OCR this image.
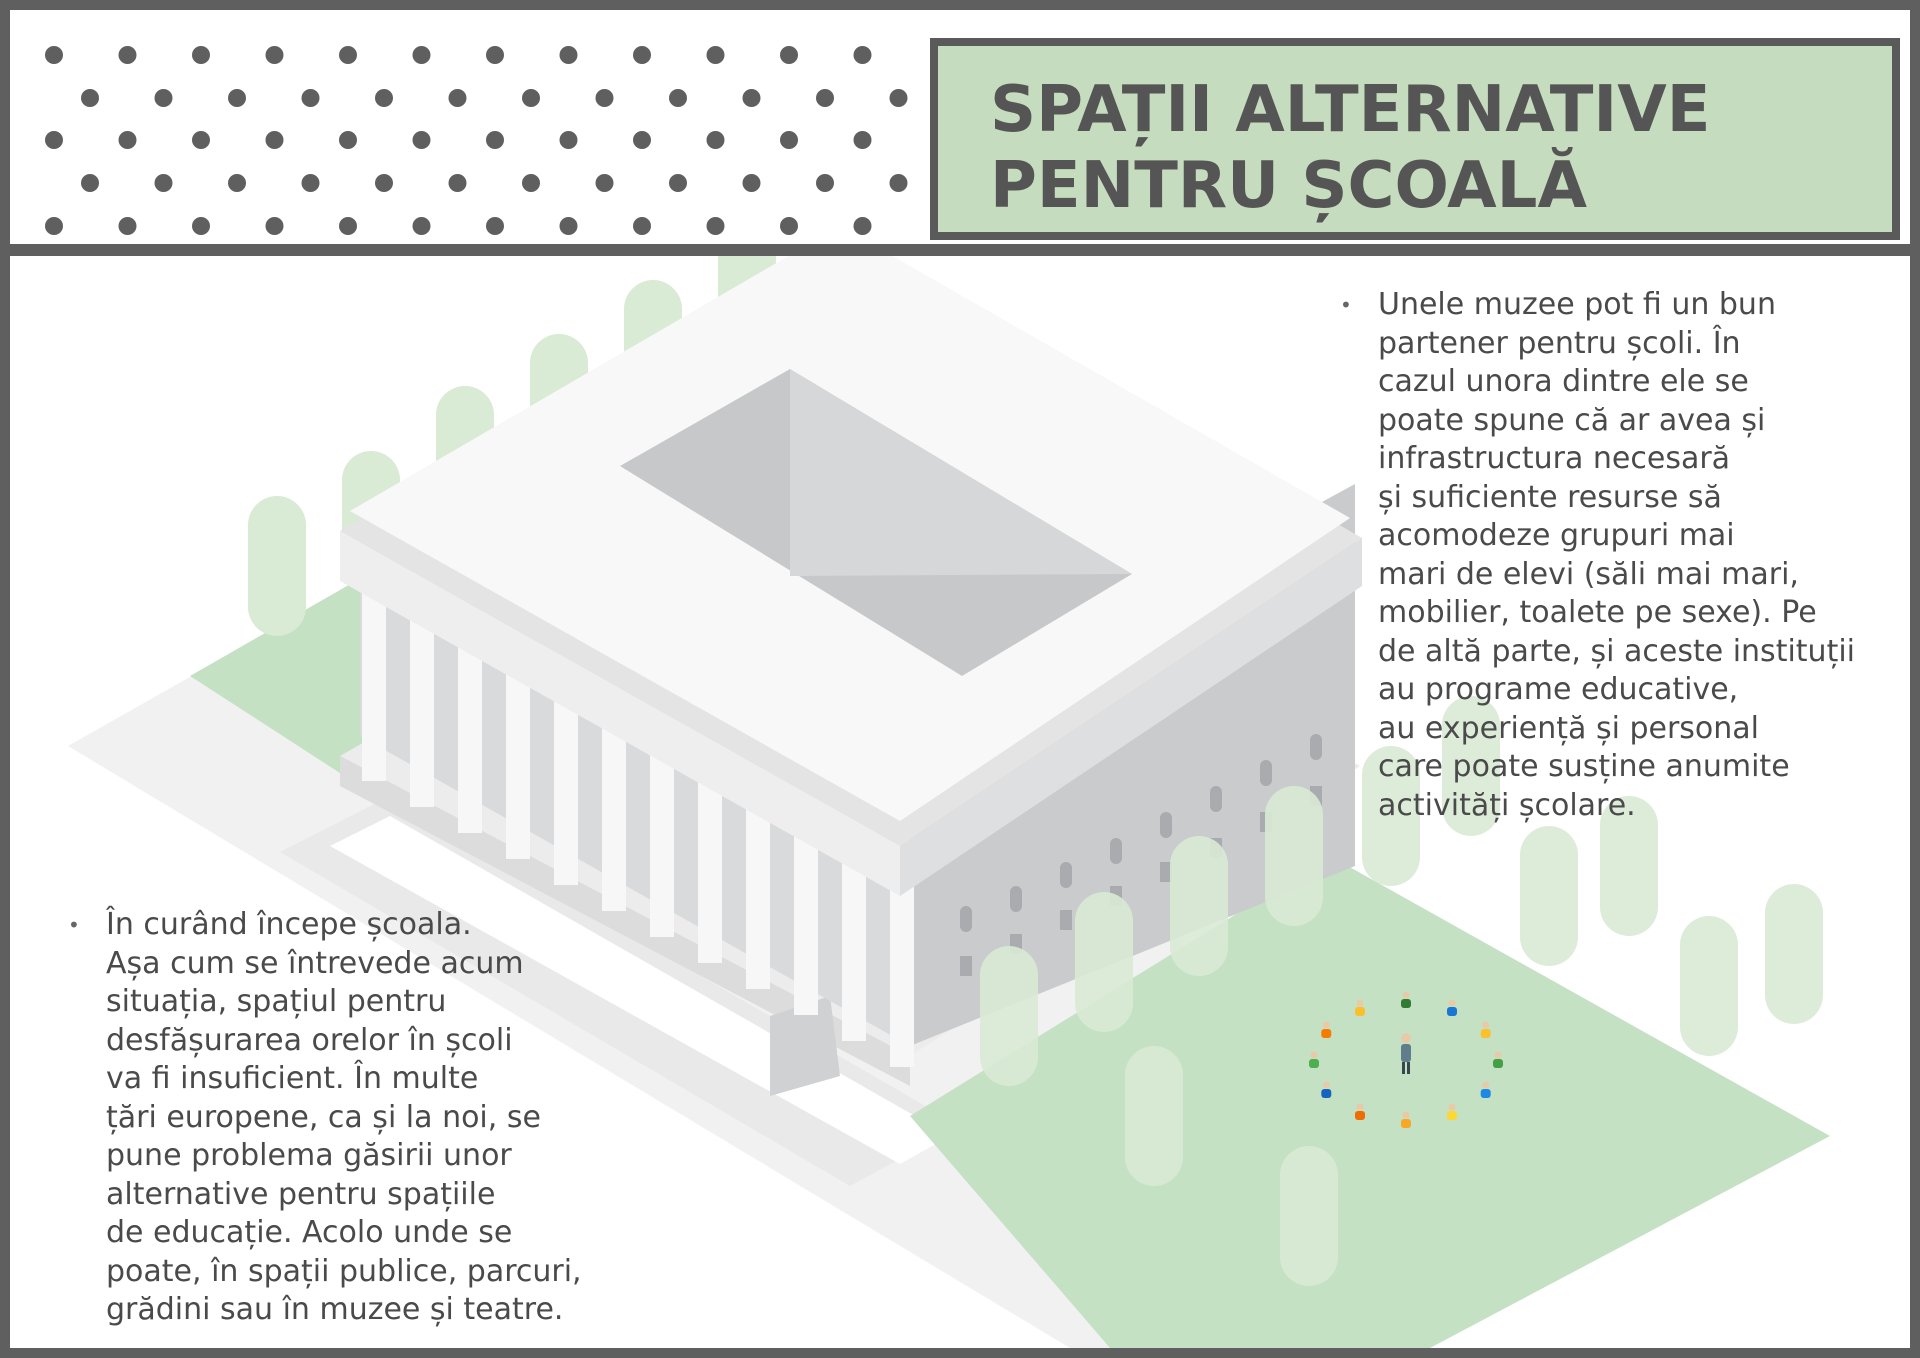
SPAȚII ALTERNATIVE
PENTRU ȘCOALĂ
• Unele muzee pot fi un bun
partener pentru școli. În
cazul unora dintre ele se
poate spune că ar avea și
infrastructura necesară
și suficiente resurse să
acomodeze grupuri mai
mari de elevi (săli mai mari,
mobilier, toalete pe sexe). Pe
de altă parte, și aceste instituții
au programe educative,
au experiență și personal
care poate susține anumite
activități școlare.
• În curând începe școala.
Așa cum se întrevede acum
situația, spațiul pentru
desfășurarea orelor în școli
va fi insuficient. În multe
țări europene, ca și la noi, se
pune problema găsirii unor
alternative pentru spațiile
de educație. Acolo unde se
poate, în spații publice, parcuri,
grădini sau în muzee și teatre.
